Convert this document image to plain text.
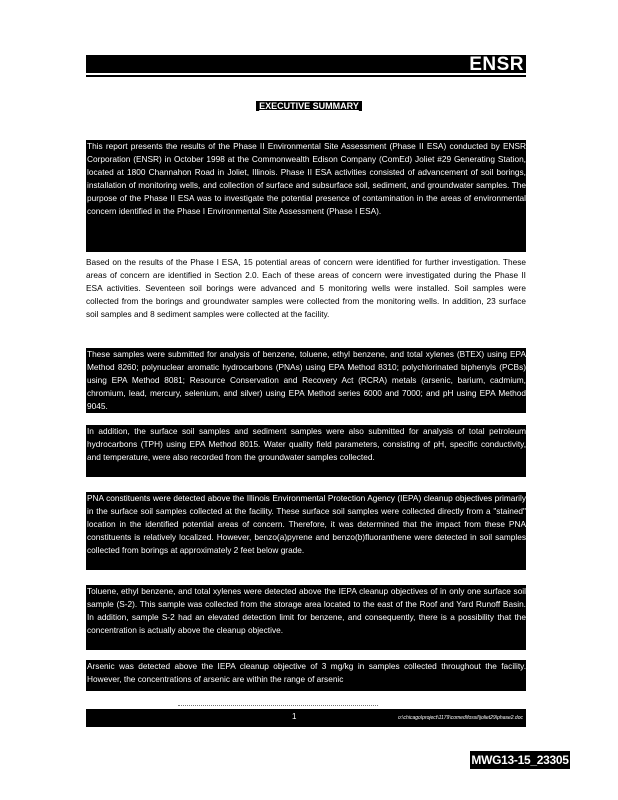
ENSR
EXECUTIVE SUMMARY
This report presents the results of the Phase II Environmental Site Assessment (Phase II ESA) conducted by ENSR Corporation (ENSR) in October 1998 at the Commonwealth Edison Company (ComEd) Joliet #29 Generating Station, located at 1800 Channahon Road in Joliet, Illinois. Phase II ESA activities consisted of advancement of soil borings, installation of monitoring wells, and collection of surface and subsurface soil, sediment, and groundwater samples. The purpose of the Phase II ESA was to investigate the potential presence of contamination in the areas of environmental concern identified in the Phase I Environmental Site Assessment (Phase I ESA).
Based on the results of the Phase I ESA, 15 potential areas of concern were identified for further investigation. These areas of concern are identified in Section 2.0. Each of these areas of concern were investigated during the Phase II ESA activities. Seventeen soil borings were advanced and 5 monitoring wells were installed. Soil samples were collected from the borings and groundwater samples were collected from the monitoring wells. In addition, 23 surface soil samples and 8 sediment samples were collected at the facility.
These samples were submitted for analysis of benzene, toluene, ethyl benzene, and total xylenes (BTEX) using EPA Method 8260; polynuclear aromatic hydrocarbons (PNAs) using EPA Method 8310; polychlorinated biphenyls (PCBs) using EPA Method 8081; Resource Conservation and Recovery Act (RCRA) metals (arsenic, barium, cadmium, chromium, lead, mercury, selenium, and silver) using EPA Method series 6000 and 7000; and pH using EPA Method 9045.
In addition, the surface soil samples and sediment samples were also submitted for analysis of total petroleum hydrocarbons (TPH) using EPA Method 8015. Water quality field parameters, consisting of pH, specific conductivity, and temperature, were also recorded from the groundwater samples collected.
PNA constituents were detected above the Illinois Environmental Protection Agency (IEPA) cleanup objectives primarily in the surface soil samples collected at the facility. These surface soil samples were collected directly from a "stained" location in the identified potential areas of concern. Therefore, it was determined that the impact from these PNA constituents is relatively localized. However, benzo(a)pyrene and benzo(b)fluoranthene were detected in soil samples collected from borings at approximately 2 feet below grade.
Toluene, ethyl benzene, and total xylenes were detected above the IEPA cleanup objectives of in only one surface soil sample (S-2). This sample was collected from the storage area located to the east of the Roof and Yard Runoff Basin. In addition, sample S-2 had an elevated detection limit for benzene, and consequently, there is a possibility that the concentration is actually above the cleanup objective.
Arsenic was detected above the IEPA cleanup objective of 3 mg/kg in samples collected throughout the facility. However, the concentrations of arsenic are within the range of arsenic
1	o:\chicago\project\1179\comed\fossil\joliet29\phase2.doc
MWG13-15_23305
